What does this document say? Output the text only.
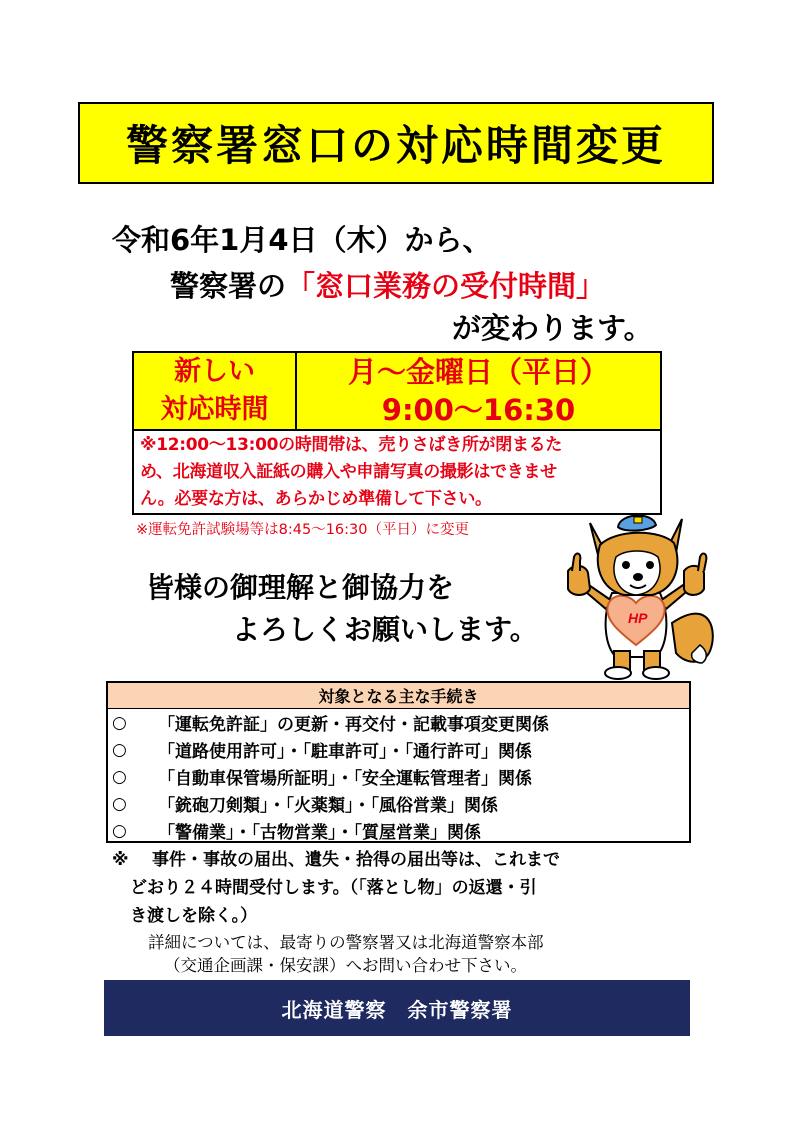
警察署窓口の対応時間変更
令和6年1月4日（木）から、
警察署の「窓口業務の受付時間」
が変わります。
新しい
対応時間
月～金曜日（平日）
9:00～16:30
※12:00～13:00の時間帯は、売りさばき所が閉まるた
め、北海道収入証紙の購入や申請写真の撮影はできませ
ん。必要な方は、あらかじめ準備して下さい。
※運転免許試験場等は8:45～16:30（平日）に変更
皆様の御理解と御協力を
よろしくお願いします。	HP
対象となる主な手続き
○	「運転免許証」の更新・再交付・記載事項変更関係
○	「道路使用許可」・「駐車許可」・「通行許可」関係
○	「自動車保管場所証明」・「安全運転管理者」関係
○	「銃砲刀剣類」・「火薬類」・「風俗営業」関係
○	「警備業」・「古物営業」・「質屋営業」関係
※	事件・事故の届出、遺失・拾得の届出等は、これまで
どおり２４時間受付します。（「落とし物」の返還・引
き渡しを除く。）
詳細については、最寄りの警察署又は北海道警察本部
（交通企画課・保安課）へお問い合わせ下さい。
北海道警察　余市警察署
